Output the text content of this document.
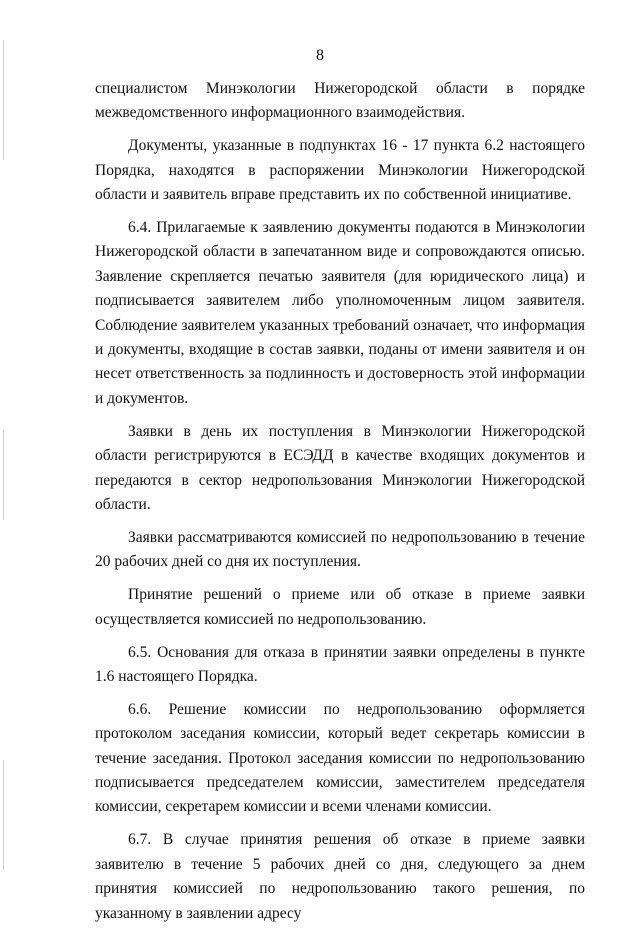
8

специалистом Минэкологии Нижегородской области в порядке межведомственного информационного взаимодействия.

Документы, указанные в подпунктах 16 - 17 пункта 6.2 настоящего Порядка, находятся в распоряжении Минэкологии Нижегородской области и заявитель вправе представить их по собственной инициативе.

6.4. Прилагаемые к заявлению документы подаются в Минэкологии Нижегородской области в запечатанном виде и сопровождаются описью. Заявление скрепляется печатью заявителя (для юридического лица) и подписывается заявителем либо уполномоченным лицом заявителя. Соблюдение заявителем указанных требований означает, что информация и документы, входящие в состав заявки, поданы от имени заявителя и он несет ответственность за подлинность и достоверность этой информации и документов.

Заявки в день их поступления в Минэкологии Нижегородской области регистрируются в ЕСЭДД в качестве входящих документов и передаются в сектор недропользования Минэкологии Нижегородской области.

Заявки рассматриваются комиссией по недропользованию в течение 20 рабочих дней со дня их поступления.

Принятие решений о приеме или об отказе в приеме заявки осуществляется комиссией по недропользованию.

6.5. Основания для отказа в принятии заявки определены в пункте 1.6 настоящего Порядка.

6.6. Решение комиссии по недропользованию оформляется протоколом заседания комиссии, который ведет секретарь комиссии в течение заседания. Протокол заседания комиссии по недропользованию подписывается председателем комиссии, заместителем председателя комиссии, секретарем комиссии и всеми членами комиссии.

6.7. В случае принятия решения об отказе в приеме заявки заявителю в течение 5 рабочих дней со дня, следующего за днем принятия комиссией по недропользованию такого решения, по указанному в заявлении адресу
